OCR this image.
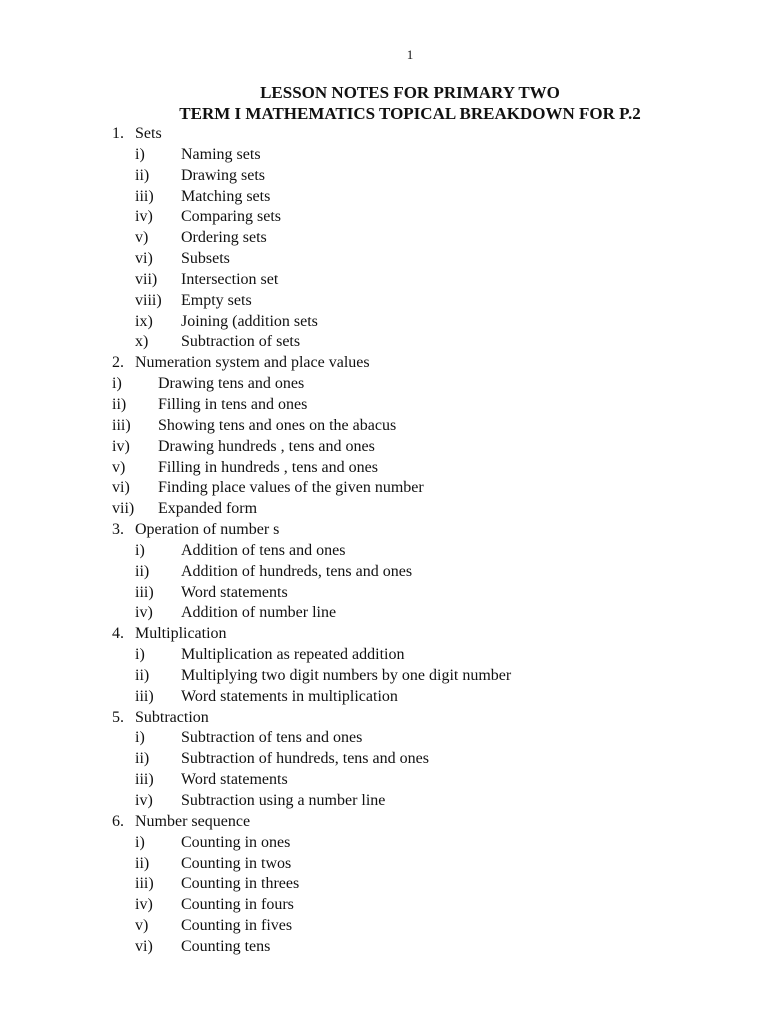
1
LESSON NOTES FOR PRIMARY TWO
TERM I MATHEMATICS TOPICAL BREAKDOWN FOR P.2
1. Sets
i) Naming sets
ii) Drawing sets
iii) Matching sets
iv) Comparing sets
v) Ordering sets
vi) Subsets
vii) Intersection set
viii) Empty sets
ix) Joining (addition sets
x) Subtraction of sets
2. Numeration system and place values
i) Drawing tens and ones
ii) Filling in tens and ones
iii) Showing tens and ones on the abacus
iv) Drawing hundreds , tens and ones
v) Filling in hundreds , tens and ones
vi) Finding place values of the given number
vii) Expanded form
3. Operation of number s
i) Addition of tens and ones
ii) Addition of hundreds, tens and ones
iii) Word statements
iv) Addition of number line
4. Multiplication
i) Multiplication as repeated addition
ii) Multiplying two digit numbers by one digit number
iii) Word statements in multiplication
5. Subtraction
i) Subtraction of tens and ones
ii) Subtraction of hundreds, tens and ones
iii) Word statements
iv) Subtraction using a number line
6. Number sequence
i) Counting in ones
ii) Counting in twos
iii) Counting in threes
iv) Counting in fours
v) Counting in fives
vi) Counting tens
